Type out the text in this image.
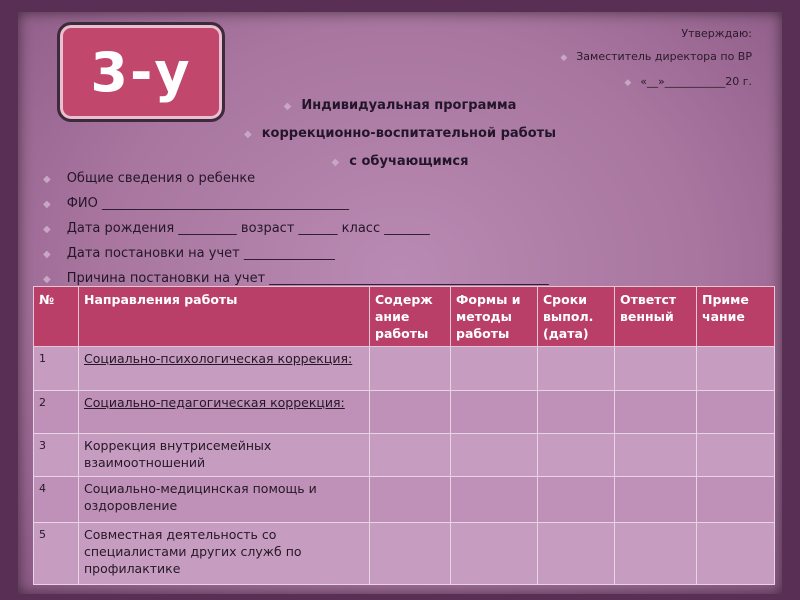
3-у
Утверждаю:
◆ Заместитель директора по ВР
◆ «__»___________20 г.
◆ Индивидуальная программа
◆ коррекционно-воспитательной работы
◆ с обучающимся
◆ Общие сведения о ребенке
◆ ФИО ______________________________________
◆ Дата рождения _________ возраст ______ класс _______
◆ Дата постановки на учет ______________
◆ Причина постановки на учет ___________________________________________
№	Направления работы	Содерж ание работы	Формы и методы работы	Сроки выпол. (дата)	Ответст венный	Приме чание
1	Социально-психологическая коррекция:					
2	Социально-педагогическая коррекция:					
3	Коррекция внутрисемейных взаимоотношений					
4	Социально-медицинская помощь и оздоровление					
5	Совместная деятельность со специалистами других служб по профилактике					
